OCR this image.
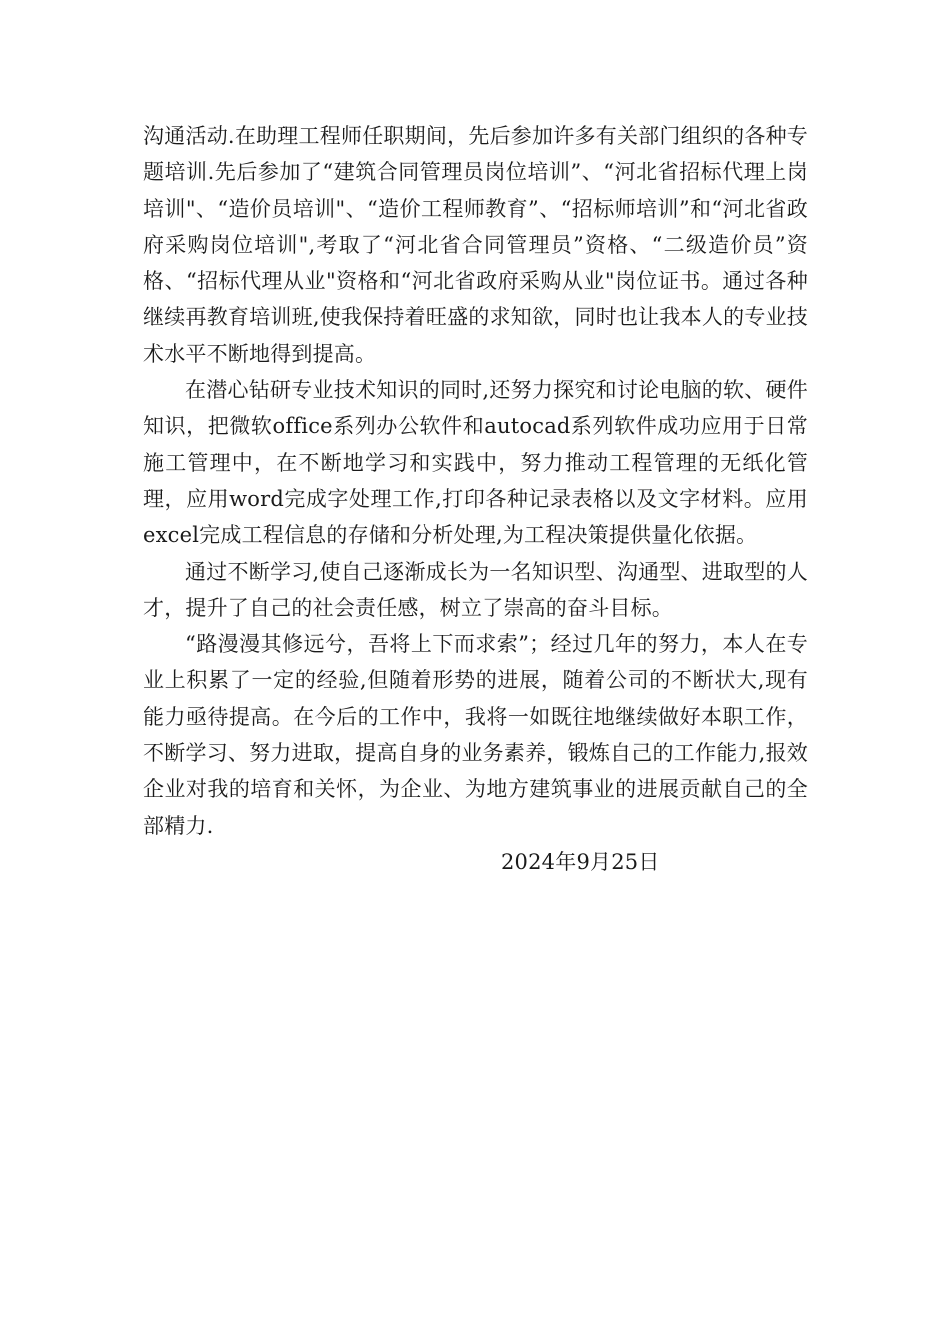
沟通活动.在助理工程师任职期间，先后参加许多有关部门组织的各种专题培训.先后参加了“建筑合同管理员岗位培训”、“河北省招标代理上岗培训"、“造价员培训"、“造价工程师教育”、“招标师培训”和“河北省政府采购岗位培训",考取了“河北省合同管理员”资格、“二级造价员”资格、“招标代理从业"资格和“河北省政府采购从业"岗位证书。通过各种继续再教育培训班,使我保持着旺盛的求知欲，同时也让我本人的专业技术水平不断地得到提高。

在潜心钻研专业技术知识的同时,还努力探究和讨论电脑的软、硬件知识，把微软office系列办公软件和autocad系列软件成功应用于日常施工管理中，在不断地学习和实践中，努力推动工程管理的无纸化管理，应用word完成字处理工作,打印各种记录表格以及文字材料。应用excel完成工程信息的存储和分析处理,为工程决策提供量化依据。

通过不断学习,使自己逐渐成长为一名知识型、沟通型、进取型的人才，提升了自己的社会责任感，树立了崇高的奋斗目标。

“路漫漫其修远兮，吾将上下而求索”；经过几年的努力，本人在专业上积累了一定的经验,但随着形势的进展，随着公司的不断状大,现有能力亟待提高。在今后的工作中，我将一如既往地继续做好本职工作，不断学习、努力进取，提高自身的业务素养，锻炼自己的工作能力,报效企业对我的培育和关怀，为企业、为地方建筑事业的进展贡献自己的全部精力.

2024年9月25日
